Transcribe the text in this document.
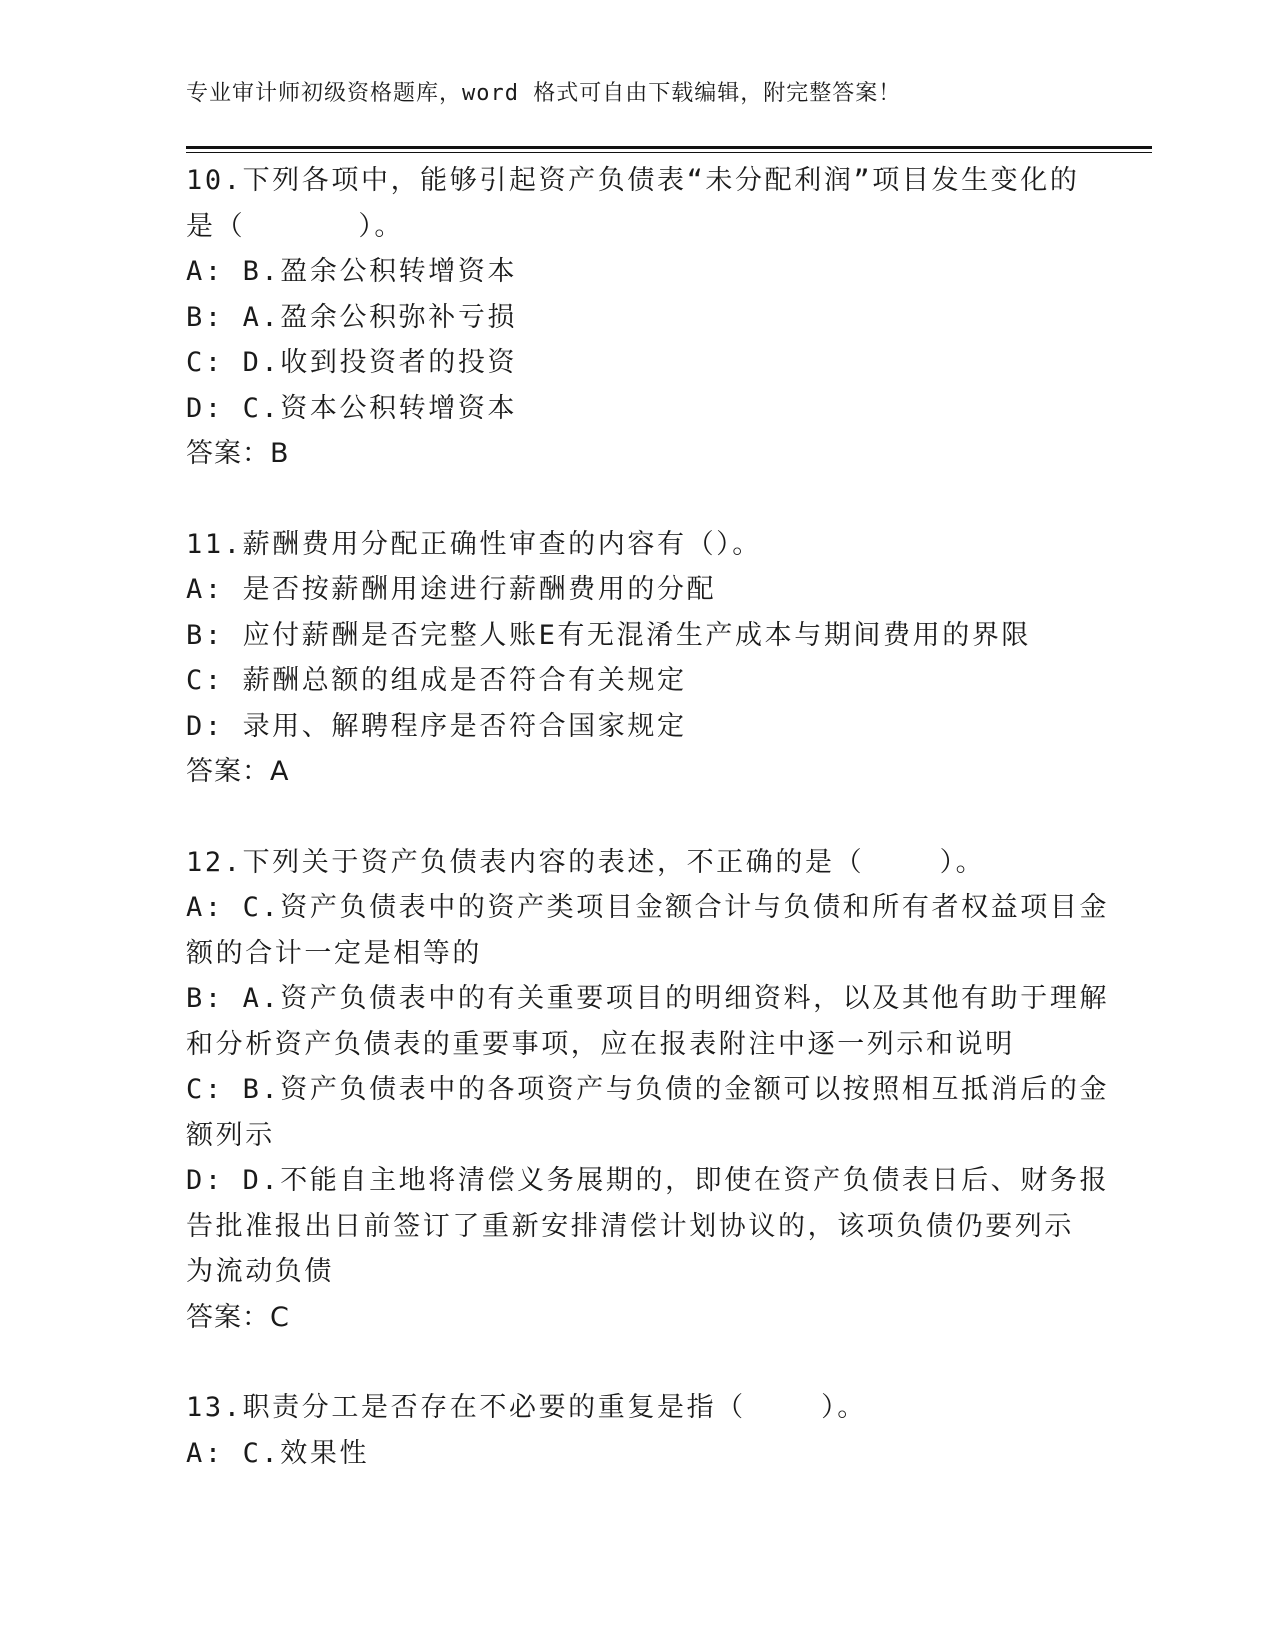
专业审计师初级资格题库，word 格式可自由下载编辑，附完整答案！
10.下列各项中，能够引起资产负债表“未分配利润”项目发生变化的
是（      ）。
A: B.盈余公积转增资本
B: A.盈余公积弥补亏损
C: D.收到投资者的投资
D: C.资本公积转增资本
答案：B
11.薪酬费用分配正确性审查的内容有（）。
A: 是否按薪酬用途进行薪酬费用的分配
B: 应付薪酬是否完整人账E有无混淆生产成本与期间费用的界限
C: 薪酬总额的组成是否符合有关规定
D: 录用、解聘程序是否符合国家规定
答案：A
12.下列关于资产负债表内容的表述，不正确的是（    ）。
A: C.资产负债表中的资产类项目金额合计与负债和所有者权益项目金
额的合计一定是相等的
B: A.资产负债表中的有关重要项目的明细资料，以及其他有助于理解
和分析资产负债表的重要事项，应在报表附注中逐一列示和说明
C: B.资产负债表中的各项资产与负债的金额可以按照相互抵消后的金
额列示
D: D.不能自主地将清偿义务展期的，即使在资产负债表日后、财务报
告批准报出日前签订了重新安排清偿计划协议的，该项负债仍要列示
为流动负债
答案：C
13.职责分工是否存在不必要的重复是指（    ）。
A: C.效果性
